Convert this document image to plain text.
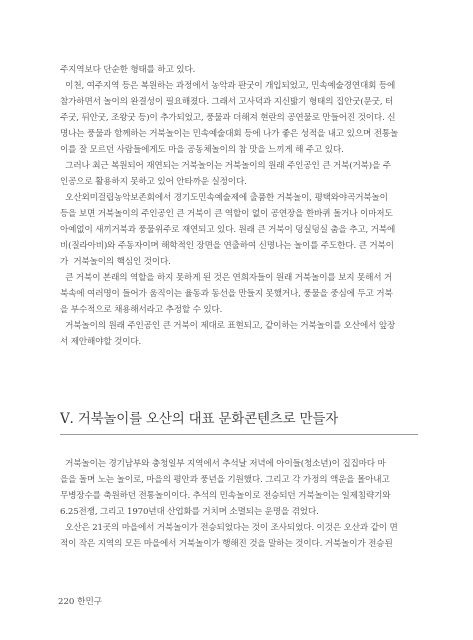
주지역보다 단순한 형태를 하고 있다.
이천, 여주지역 등은 복원하는 과정에서 농악과 판굿이 개입되었고, 민속예술경연대회 등에
참가하면서 놀이의 완결성이 필요해졌다. 그래서 고사덕과 지신밟기 형태의 집안굿(문굿, 터
주굿, 뒤안굿, 조왕굿 등)이 추가되었고, 풍물과 더해져 현란의 공연물로 만들어진 것이다. 신
명나는 풍물과 함께하는 거북놀이는 민속예술대회 등에 나가 좋은 성적을 내고 있으며 전통놀
이를 잘 모르던 사람들에게도 마을 공동체놀이의 참 맛을 느끼게 해 주고 있다.
그러나 최근 복원되어 재연되는 거북놀이는 거북놀이의 원래 주인공인 큰 거북(거북)을 주
인공으로 활용하지 못하고 있어 안타까운 실정이다.
오산외미걸립농악보존회에서 경기도민속예술제에 출품한 거북놀이, 평택와야곡거북놀이
등을 보면 거북놀이의 주인공인 큰 거북이 큰 역할이 없이 공연장을 한바퀴 돌거나 이마저도
아예없이 새끼거북과 풍물위주로 재연되고 있다. 원래 큰 거북이 덩실덩실 춤을 추고, 거북에
비(질라아비)와 주동자이며 해학적인 장면을 연출하여 신명나는 놀이를 주도한다. 큰 거북이
가  거북놀이의 핵심인 것이다.
큰 거북이 본래의 역할을 하지 못하게 된 것은 연희자들이 원래 거북놀이를 보지 못해서 거
북속에 여러명이 들어가 움직이는 율동과 동선을 만들지 못했거나, 풍물을 중심에 두고 거북
을 부수적으로 채용해서라고 추정할 수 있다.
거북놀이의 원래 주인공인 큰 거북이 제대로 표현되고, 같이하는 거북놀이를 오산에서 앞장
서 제안해야할 것이다.
Ⅴ. 거북놀이를 오산의 대표 문화콘텐츠로 만들자
거북놀이는 경기남부와 충청일부 지역에서 추석날 저녁에 아이들(청소년)이 집집마다 마
을을 돌며 노는 놀이로, 마을의 평안과 풍년을 기원했다. 그리고 각 가정의 액운을 몰아내고
무병장수를 축원하던 전통놀이이다. 추석의 민속놀이로 전승되던 거북놀이는 일제침략기와
6.25전쟁, 그리고 1970년대 산업화를 거치며 소멸되는 운명을 겪었다.
오산은 21곳의 마을에서 거북놀이가 전승되었다는 것이 조사되었다. 이것은 오산과 같이 면
적이 작은 지역의 모든 마을에서 거북놀이가 행해진 것을 말하는 것이다. 거북놀이가 전승된
220 한민구
